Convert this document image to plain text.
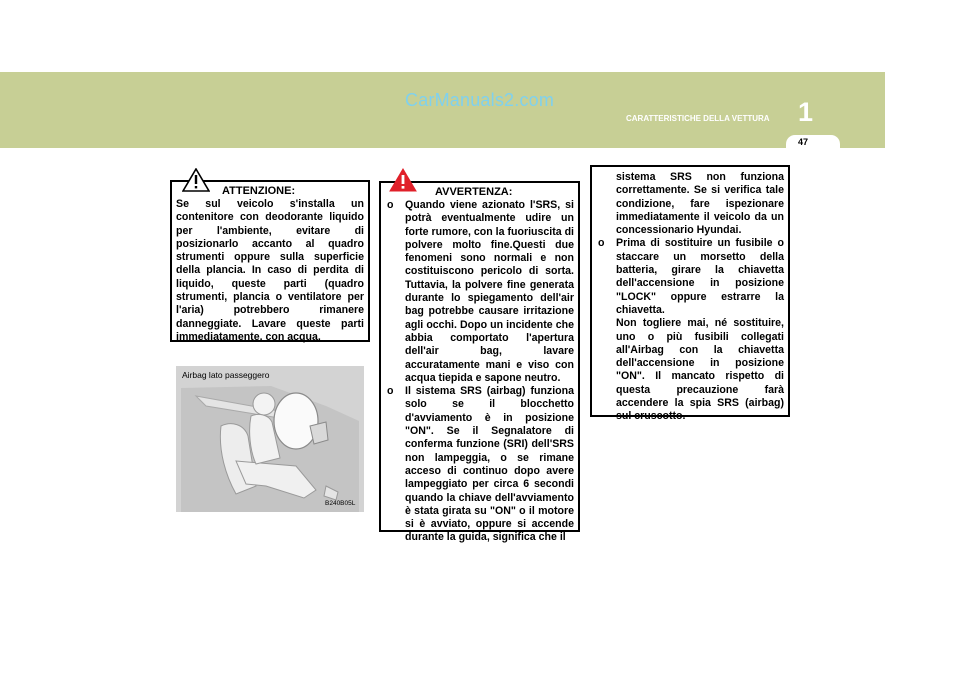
CarManuals2.com
CARATTERISTICHE DELLA VETTURA 1
47

ATTENZIONE:

Se sul veicolo s'installa un contenitore con deodorante liquido per l'ambiente, evitare di posizionarlo accanto al quadro strumenti oppure sulla superficie della plancia. In caso di perdita di liquido, queste parti (quadro strumenti, plancia o ventilatore per l'aria) potrebbero rimanere danneggiate. Lavare queste parti immediatamente, con acqua.

Airbag lato passeggero
B240B05L

AVVERTENZA:

o Quando viene azionato l'SRS, si potrà eventualmente udire un forte rumore, con la fuoriuscita di polvere molto fine.Questi due fenomeni sono normali e non costituiscono pericolo di sorta. Tuttavia, la polvere fine generata durante lo spiegamento dell'air bag potrebbe causare irritazione agli occhi. Dopo un incidente che abbia comportato l'apertura dell'air bag, lavare accuratamente mani e viso con acqua tiepida e sapone neutro.
o Il sistema SRS (airbag) funziona solo se il blocchetto d'avviamento è in posizione "ON". Se il Segnalatore di conferma funzione (SRI) dell'SRS non lampeggia, o se rimane acceso di continuo dopo avere lampeggiato per circa 6 secondi quando la chiave dell'avviamento è stata girata su "ON" o il motore si è avviato, oppure si accende durante la guida, significa che il

sistema SRS non funziona correttamente. Se si verifica tale condizione, fare ispezionare immediatamente il veicolo da un concessionario Hyundai.

o Prima di sostituire un fusibile o staccare un morsetto della batteria, girare la chiavetta dell'accensione in posizione "LOCK" oppure estrarre la chiavetta.

Non togliere mai, né sostituire, uno o più fusibili collegati all'Airbag con la chiavetta dell'accensione in posizione "ON". Il mancato rispetto di questa precauzione farà accendere la spia SRS (airbag) sul cruscotto.
